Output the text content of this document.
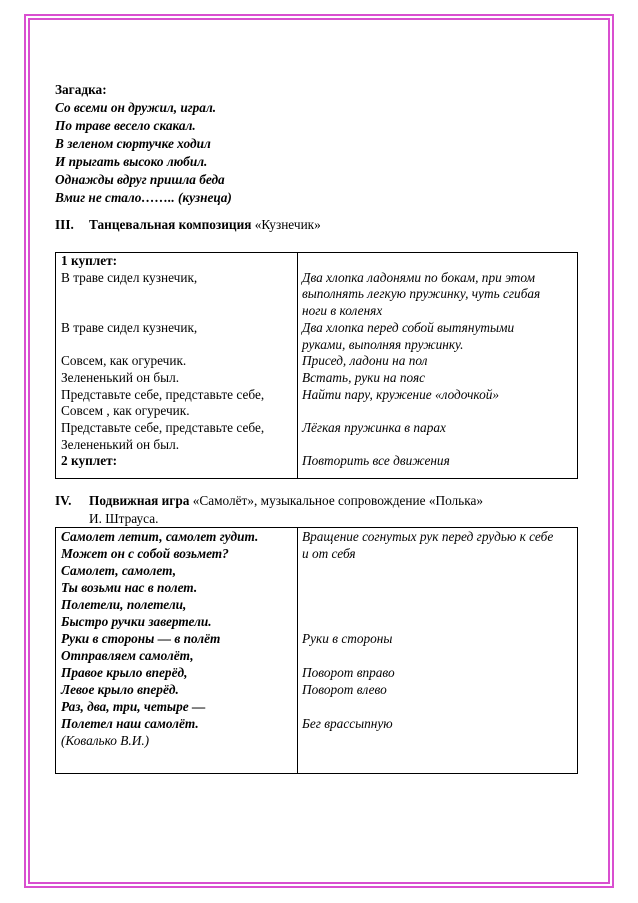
Загадка:
Со всеми он дружил, играл.
По траве весело скакал.
В зеленом сюртучке ходил
И прыгать высоко любил.
Однажды вдруг пришла беда
Вмиг не стало…….. (кузнеца)
III. Танцевальная композиция «Кузнечик»
1 куплет:
В траве сидел кузнечик,

В траве сидел кузнечик,

Совсем, как огуречик.
Зелененький он был.
Представьте себе, представьте себе,
Совсем , как огуречик.
Представьте себе, представьте себе,
Зелененький он был.
2 куплет:

Два хлопка ладонями по бокам, при этом
выполнять легкую пружинку, чуть сгибая
ноги в коленях
Два хлопка перед собой вытянутыми
руками, выполняя пружинку.
Присед, ладони на пол
Встать, руки на пояс
Найти пару, кружение «лодочкой»

Лёгкая пружинка в парах

Повторить все движения
IV. Подвижная игра «Самолёт», музыкальное сопровождение «Полька»
И. Штрауса.
Самолет летит, самолет гудит.
Может он с собой возьмет?
Самолет, самолет,
Ты возьми нас в полет.
Полетели, полетели,
Быстро ручки завертели.
Руки в стороны — в полёт
Отправляем самолёт,
Правое крыло вперёд,
Левое крыло вперёд.
Раз, два, три, четыре —
Полетел наш самолёт.
(Ковалько В.И.)
Вращение согнутых рук перед грудью к себе
и от себя

Руки в стороны

Поворот вправо
Поворот влево

Бег врассыпную
